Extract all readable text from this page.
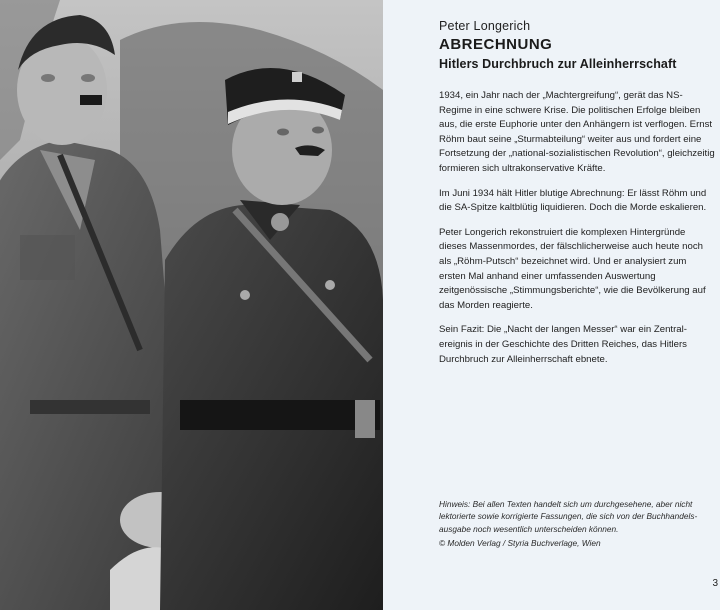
Peter Longerich

ABRECHNUNG

Hitlers Durchbruch zur Alleinherrschaft

1934, ein Jahr nach der „Machtergreifung“, gerät das NS-Regime in eine schwere Krise. Die politischen Erfolge bleiben aus, die erste Euphorie unter den Anhängern ist verflogen. Ernst Röhm baut seine „Sturmabteilung“ weiter aus und fordert eine Fortsetzung der „national-sozialistischen Revolution“, gleichzeitig formieren sich ultrakonservative Kräfte.

Im Juni 1934 hält Hitler blutige Abrechnung: Er lässt Röhm und die SA-Spitze kaltblütig liquidieren. Doch die Morde eskalieren.

Peter Longerich rekonstruiert die komplexen Hintergründe dieses Massenmordes, der fälschlicherweise auch heute noch als „Röhm-Putsch“ bezeichnet wird. Und er analysiert zum ersten Mal anhand einer umfassenden Auswertung zeitgenössische „Stimmungsberichte“, wie die Bevölkerung auf das Morden reagierte.

Sein Fazit: Die „Nacht der langen Messer“ war ein Zentral-ereignis in der Geschichte des Dritten Reiches, das Hitlers Durchbruch zur Alleinherrschaft ebnete.

Hinweis: Bei allen Texten handelt sich um durchgesehene, aber nicht lektorierte sowie korrigierte Fassungen, die sich von der Buchhandels-ausgabe noch wesentlich unterscheiden können.

© Molden Verlag / Styria Buchverlage, Wien

3
